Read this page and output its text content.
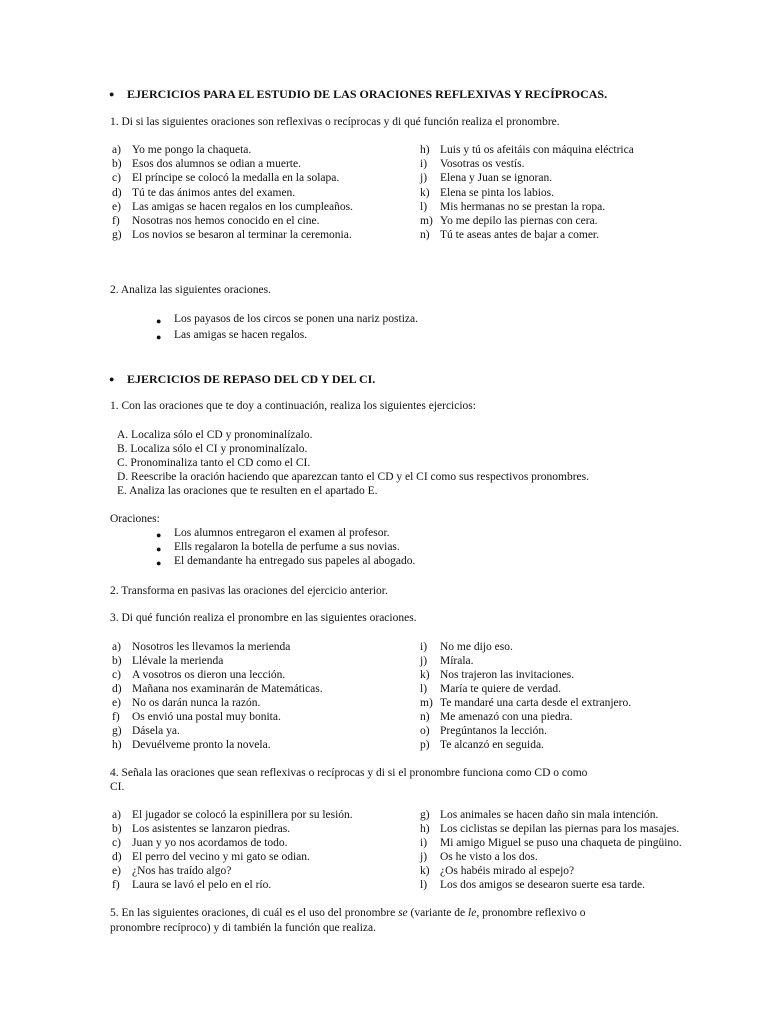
● EJERCICIOS PARA EL ESTUDIO DE LAS ORACIONES REFLEXIVAS Y RECÍPROCAS.
1. Di si las siguientes oraciones son reflexivas o recíprocas y di qué función realiza el pronombre.
a) Yo me pongo la chaqueta.
b) Esos dos alumnos se odian a muerte.
c) El príncipe se colocó la medalla en la solapa.
d) Tú te das ánimos antes del examen.
e) Las amigas se hacen regalos en los cumpleaños.
f) Nosotras nos hemos conocido en el cine.
g) Los novios se besaron al terminar la ceremonia.
h) Luis y tú os afeitáis con máquina eléctrica
i) Vosotras os vestís.
j) Elena y Juan se ignoran.
k) Elena se pinta los labios.
l) Mis hermanas no se prestan la ropa.
m) Yo me depilo las piernas con cera.
n) Tú te aseas antes de bajar a comer.
2. Analiza las siguientes oraciones.
● Los payasos de los circos se ponen una nariz postiza.
● Las amigas se hacen regalos.
● EJERCICIOS DE REPASO DEL CD Y DEL CI.
1. Con las oraciones que te doy a continuación, realiza los siguientes ejercicios:
A. Localiza sólo el CD y pronominalízalo.
B. Localiza sólo el CI y pronominalízalo.
C. Pronominaliza tanto el CD como el CI.
D. Reescribe la oración haciendo que aparezcan tanto el CD y el CI como sus respectivos pronombres.
E. Analiza las oraciones que te resulten en el apartado E.
Oraciones:
● Los alumnos entregaron el examen al profesor.
● Ells regalaron la botella de perfume a sus novias.
● El demandante ha entregado sus papeles al abogado.
2. Transforma en pasivas las oraciones del ejercicio anterior.
3. Di qué función realiza el pronombre en las siguientes oraciones.
a) Nosotros les llevamos la merienda
b) Llévale la merienda
c) A vosotros os dieron una lección.
d) Mañana nos examinarán de Matemáticas.
e) No os darán nunca la razón.
f) Os envió una postal muy bonita.
g) Dásela ya.
h) Devuélveme pronto la novela.
i) No me dijo eso.
j) Mírala.
k) Nos trajeron las invitaciones.
l) María te quiere de verdad.
m) Te mandaré una carta desde el extranjero.
n) Me amenazó con una piedra.
o) Pregúntanos la lección.
p) Te alcanzó en seguida.
4. Señala las oraciones que sean reflexivas o recíprocas y di si el pronombre funciona como CD o como
CI.
a) El jugador se colocó la espinillera por su lesión.
b) Los asistentes se lanzaron piedras.
c) Juan y yo nos acordamos de todo.
d) El perro del vecino y mi gato se odian.
e) ¿Nos has traído algo?
f) Laura se lavó el pelo en el río.
g) Los animales se hacen daño sin mala intención.
h) Los ciclistas se depilan las piernas para los masajes.
i) Mi amigo Miguel se puso una chaqueta de pingüino.
j) Os he visto a los dos.
k) ¿Os habéis mirado al espejo?
l) Los dos amigos se desearon suerte esa tarde.
5. En las siguientes oraciones, di cuál es el uso del pronombre se (variante de le, pronombre reflexivo o
pronombre recíproco) y di también la función que realiza.
